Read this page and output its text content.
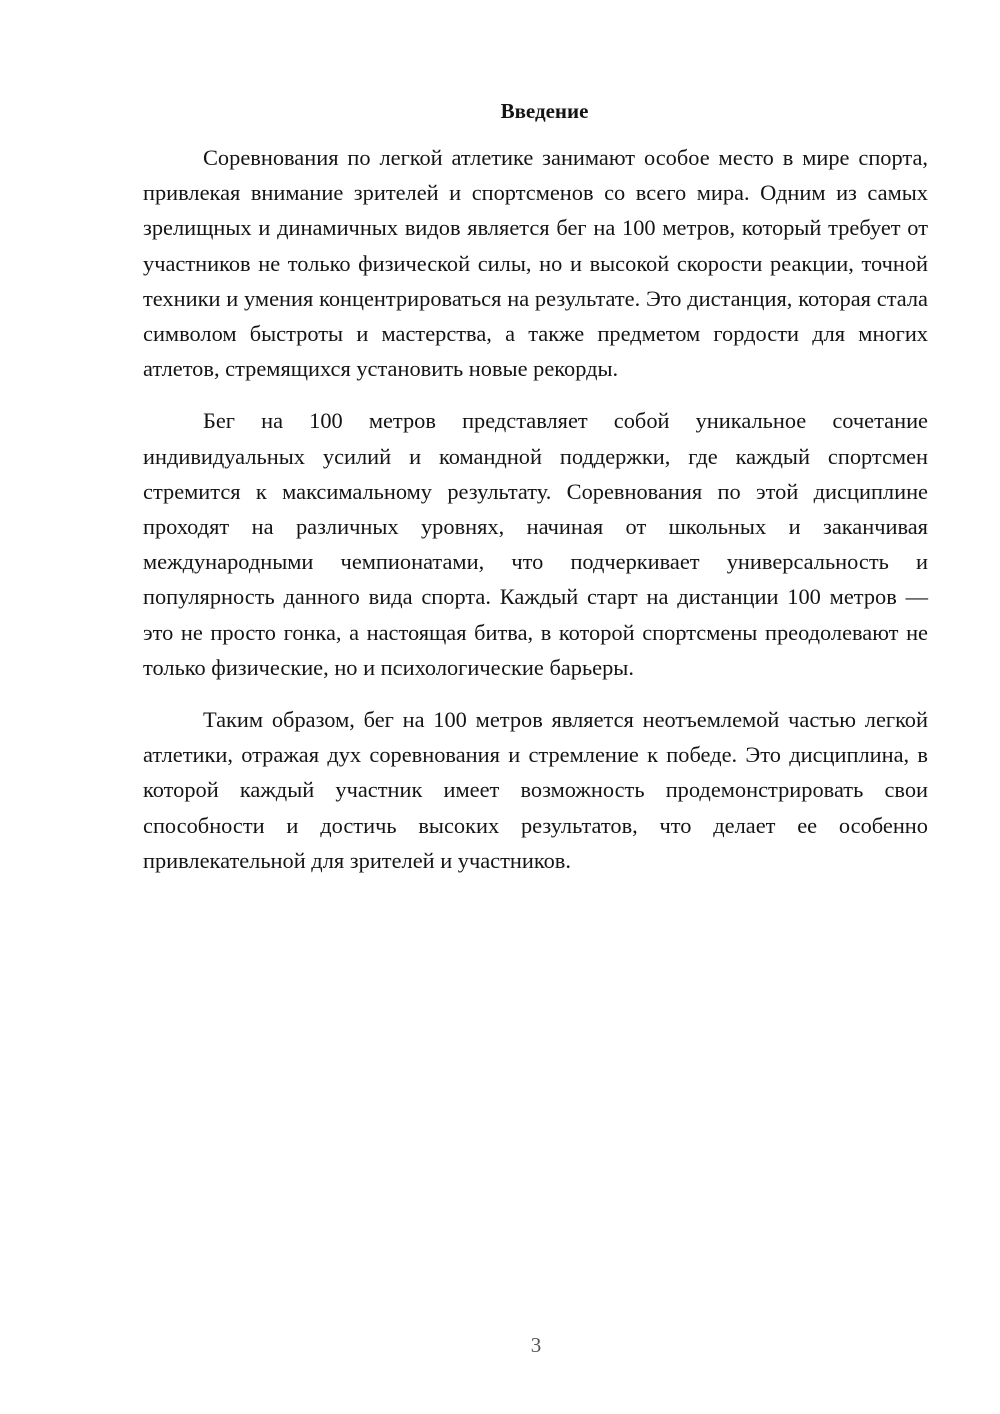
Введение

Соревнования по легкой атлетике занимают особое место в мире спорта, привлекая внимание зрителей и спортсменов со всего мира. Одним из самых зрелищных и динамичных видов является бег на 100 метров, который требует от участников не только физической силы, но и высокой скорости реакции, точной техники и умения концентрироваться на результате. Это дистанция, которая стала символом быстроты и мастерства, а также предметом гордости для многих атлетов, стремящихся установить новые рекорды.

Бег на 100 метров представляет собой уникальное сочетание индивидуальных усилий и командной поддержки, где каждый спортсмен стремится к максимальному результату. Соревнования по этой дисциплине проходят на различных уровнях, начиная от школьных и заканчивая международными чемпионатами, что подчеркивает универсальность и популярность данного вида спорта. Каждый старт на дистанции 100 метров — это не просто гонка, а настоящая битва, в которой спортсмены преодолевают не только физические, но и психологические барьеры.

Таким образом, бег на 100 метров является неотъемлемой частью легкой атлетики, отражая дух соревнования и стремление к победе. Это дисциплина, в которой каждый участник имеет возможность продемонстрировать свои способности и достичь высоких результатов, что делает ее особенно привлекательной для зрителей и участников.

3
